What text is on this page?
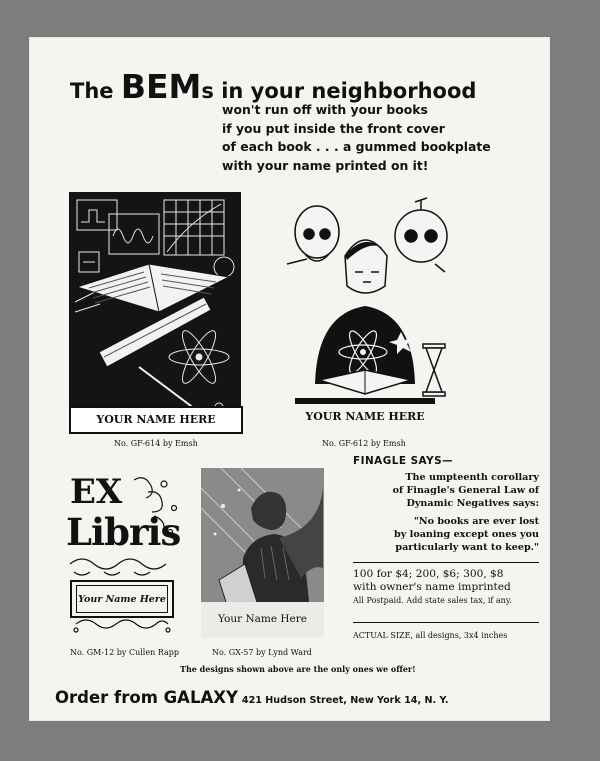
The BEMs in your neighborhood
won't run off with your books
if you put inside the front cover
of each book . . . a gummed bookplate
with your name printed on it!
YOUR NAME HERE
No. GF-614 by Emsh
YOUR NAME HERE
No. GF-612 by Emsh
EX
Libris
Your Name Here
No. GM-12 by Cullen Rapp
Your Name Here
No. GX-57 by Lynd Ward
FINAGLE SAYS—
The umpteenth corollary
of Finagle's General Law of
Dynamic Negatives says:
"No books are ever lost
by loaning except ones you
particularly want to keep."
100 for $4; 200, $6; 300, $8
with owner's name imprinted
All Postpaid. Add state sales tax, if any.
ACTUAL SIZE, all designs, 3x4 inches
The designs shown above are the only ones we offer!
Order from GALAXY 421 Hudson Street, New York 14, N. Y.
